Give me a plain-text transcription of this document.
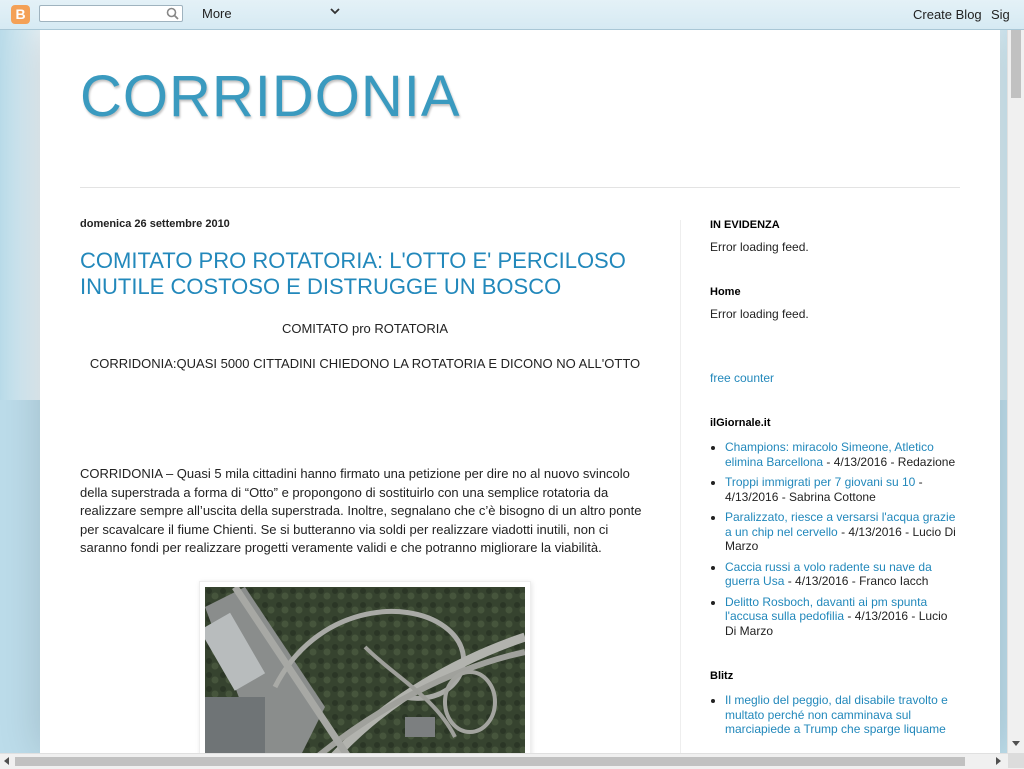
B	More	Create Blog Sig
CORRIDONIA
domenica 26 settembre 2010
COMITATO PRO ROTATORIA: L'OTTO E' PERCILOSO INUTILE COSTOSO E DISTRUGGE UN BOSCO

COMITATO pro ROTATORIA

CORRIDONIA:QUASI 5000 CITTADINI CHIEDONO LA ROTATORIA E DICONO NO ALL'OTTO

CORRIDONIA – Quasi 5 mila cittadini hanno firmato una petizione per dire no al nuovo svincolo della superstrada a forma di “Otto” e propongono di sostituirlo con una semplice rotatoria da realizzare sempre all’uscita della superstrada. Inoltre, segnalano che c’è bisogno di un altro ponte per scavalcare il fiume Chienti. Se si butteranno via soldi per realizzare viadotti inutili, non ci saranno fondi per realizzare progetti veramente validi e che potranno migliorare la viabilità.

IN EVIDENZA
Error loading feed.
Home
Error loading feed.
free counter
ilGiornale.it
• Champions: miracolo Simeone, Atletico elimina Barcellona - 4/13/2016 - Redazione
• Troppi immigrati per 7 giovani su 10 - 4/13/2016 - Sabrina Cottone
• Paralizzato, riesce a versarsi l'acqua grazie a un chip nel cervello - 4/13/2016 - Lucio Di Marzo
• Caccia russi a volo radente su nave da guerra Usa - 4/13/2016 - Franco Iacch
• Delitto Rosboch, davanti ai pm spunta l'accusa sulla pedofilia - 4/13/2016 - Lucio Di Marzo
Blitz
• Il meglio del peggio, dal disabile travolto e multato perché non camminava sul marciapiede a Trump che sparge liquame
